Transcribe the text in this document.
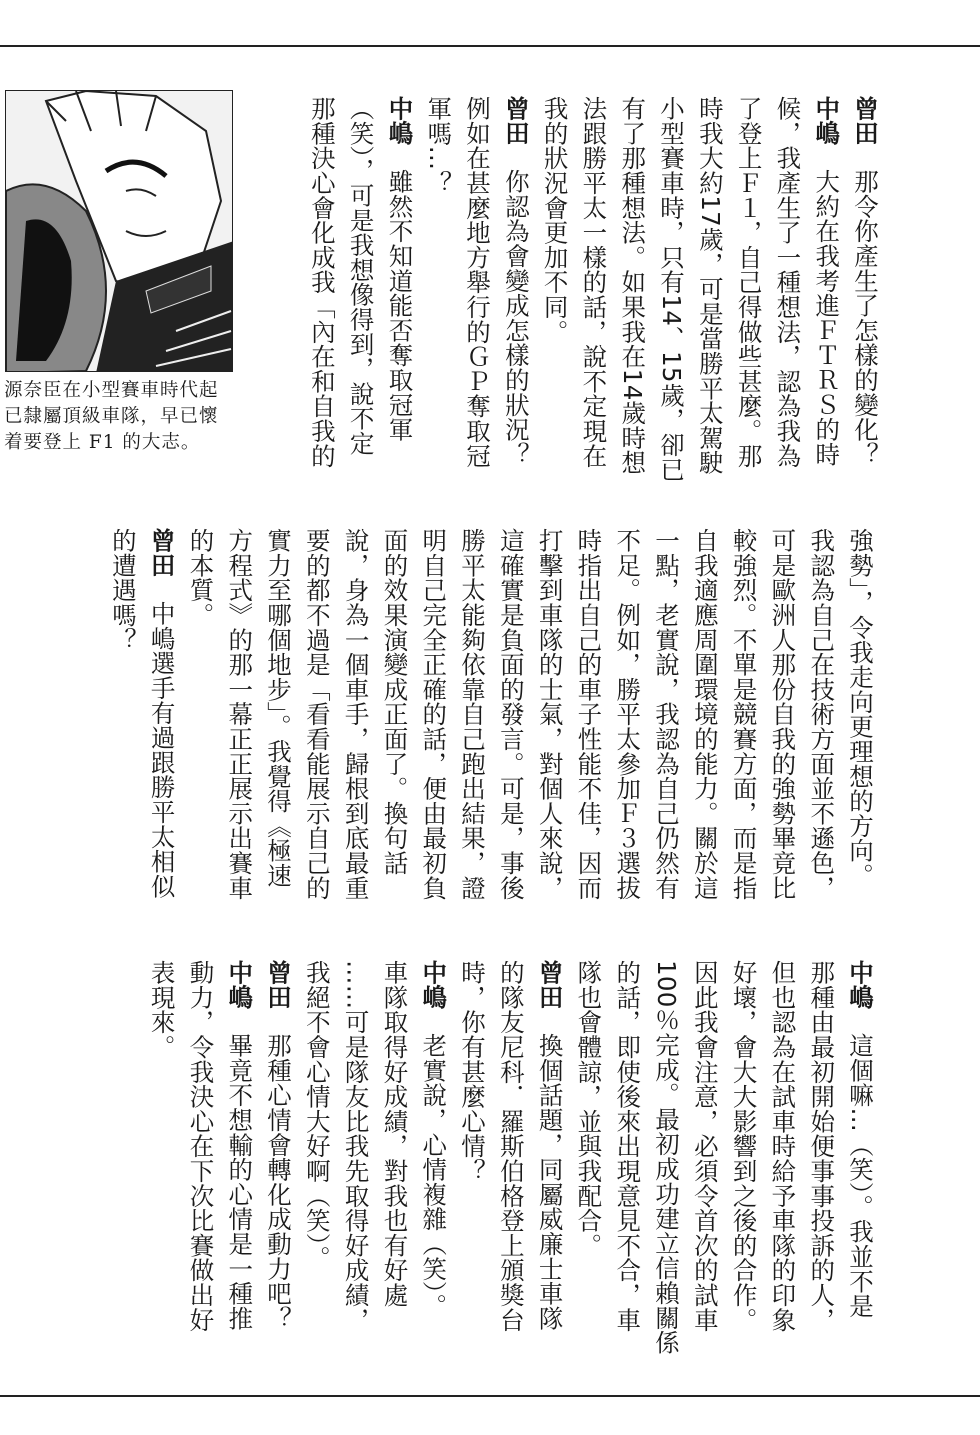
源奈臣在小型賽車時代起已隸屬頂級車隊，早已懷着要登上 F1 的大志。
曾田那令你產生了怎樣的變化？
中嶋大約在我考進ＦＴＲＳ的時
候，我產生了一種想法，認為我為
了登上Ｆ１，自己得做些甚麼。那
時我大約17歲，可是當勝平太駕駛
小型賽車時，只有14、15歲，卻已
有了那種想法。如果我在14歲時想
法跟勝平太一樣的話，說不定現在
我的狀況會更加不同。
曾田你認為會變成怎樣的狀況？
例如在甚麼地方舉行的ＧＰ奪取冠
軍嗎…？
中嶋雖然不知道能否奪取冠軍
（笑），可是我想像得到，說不定
那種決心會化成我「內在和自我的
強勢」，令我走向更理想的方向。
我認為自己在技術方面並不遜色，
可是歐洲人那份自我的強勢畢竟比
較強烈。不單是競賽方面，而是指
自我適應周圍環境的能力。關於這
一點，老實說，我認為自己仍然有
不足。例如，勝平太參加Ｆ３選拔
時指出自己的車子性能不佳，因而
打擊到車隊的士氣，對個人來說，
這確實是負面的發言。可是，事後
勝平太能夠依靠自己跑出結果，證
明自己完全正確的話，便由最初負
面的效果演變成正面了。換句話
說，身為一個車手，歸根到底最重
要的都不過是「看看能展示自己的
實力至哪個地步」。我覺得《極速
方程式》的那一幕正正展示出賽車
的本質。
曾田中嶋選手有過跟勝平太相似
的遭遇嗎？
中嶋這個嘛…（笑）。我並不是
那種由最初開始便事事投訴的人，
但也認為在試車時給予車隊的印象
好壞，會大大影響到之後的合作。
因此我會注意，必須令首次的試車
100％完成。最初成功建立信賴關係
的話，即使後來出現意見不合，車
隊也會體諒，並與我配合。
曾田換個話題，同屬威廉士車隊
的隊友尼科．羅斯伯格登上頒獎台
時，你有甚麼心情？
中嶋老實說，心情複雜（笑）。
車隊取得好成績，對我也有好處
……可是隊友比我先取得好成績，
我絕不會心情大好啊（笑）。
曾田那種心情會轉化成動力吧？
中嶋畢竟不想輸的心情是一種推
動力，令我決心在下次比賽做出好
表現來。
